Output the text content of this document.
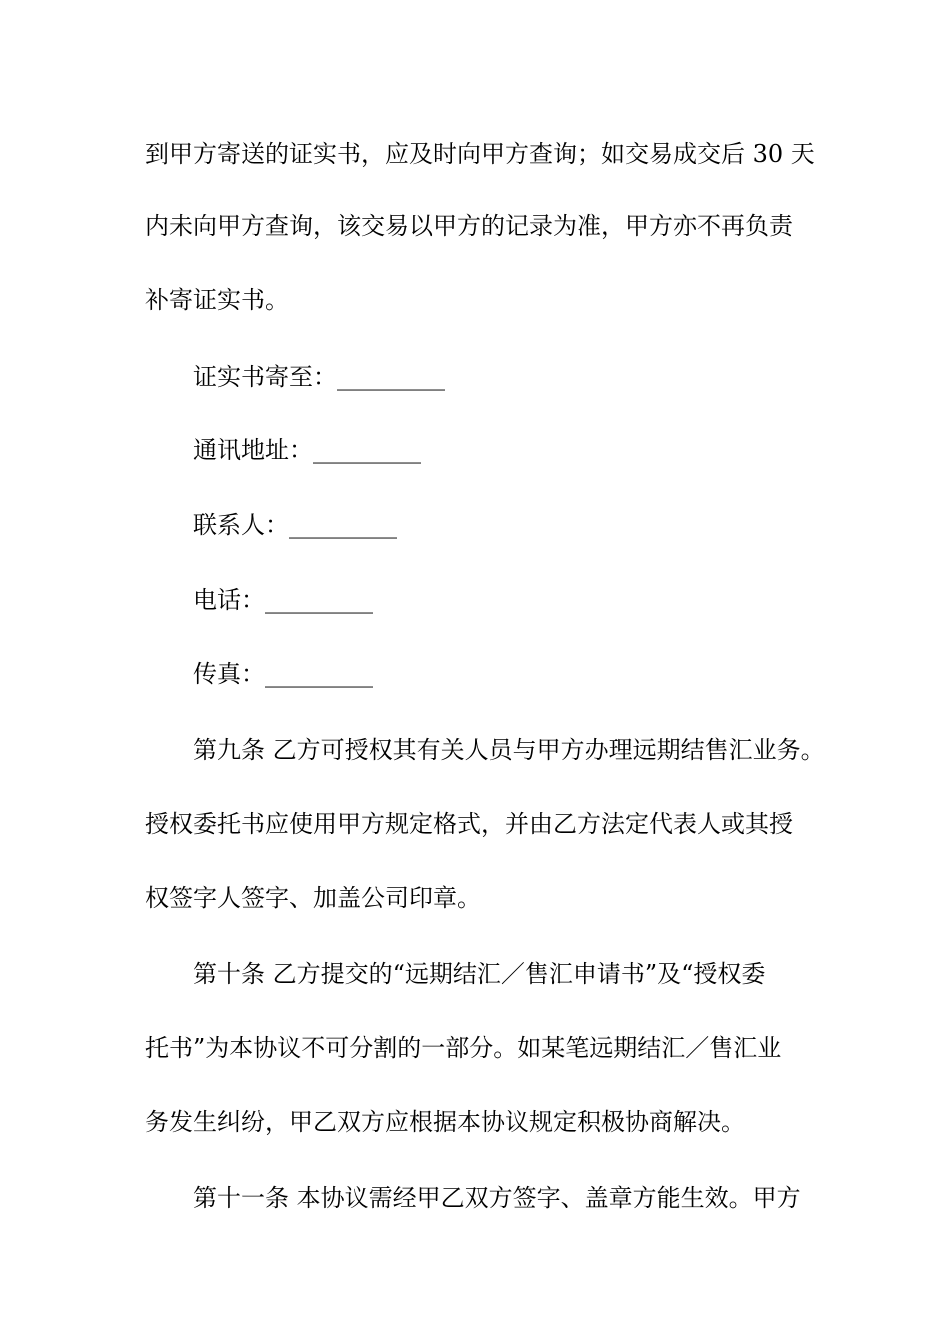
到甲方寄送的证实书，应及时向甲方查询；如交易成交后 30 天
内未向甲方查询，该交易以甲方的记录为准，甲方亦不再负责
补寄证实书。
证实书寄至：_________
通讯地址：_________
联系人：_________
电话：_________
传真：_________
第九条 乙方可授权其有关人员与甲方办理远期结售汇业务。
授权委托书应使用甲方规定格式，并由乙方法定代表人或其授
权签字人签字、加盖公司印章。
第十条 乙方提交的“远期结汇／售汇申请书”及“授权委
托书”为本协议不可分割的一部分。如某笔远期结汇／售汇业
务发生纠纷，甲乙双方应根据本协议规定积极协商解决。
第十一条 本协议需经甲乙双方签字、盖章方能生效。甲方
